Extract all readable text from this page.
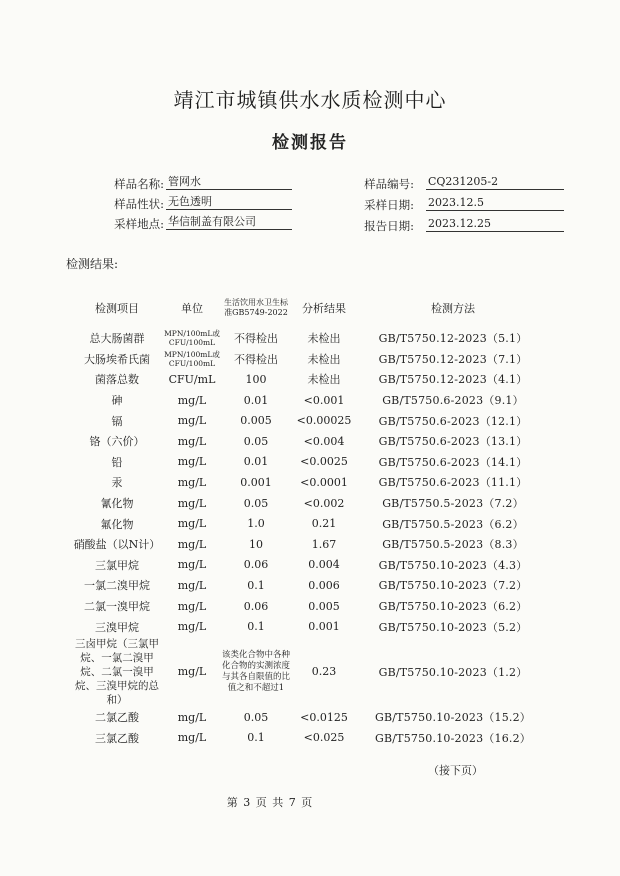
靖江市城镇供水水质检测中心
检测报告
样品名称: 管网水
样品性状: 无色透明
采样地点: 华信制盖有限公司
样品编号: CQ231205-2
采样日期: 2023.12.5
报告日期: 2023.12.25
检测结果:
检测项目	单位	生活饮用水卫生标准GB5749-2022	分析结果	检测方法
总大肠菌群	MPN/100mL或CFU/100mL	不得检出	未检出	GB/T5750.12-2023（5.1）
大肠埃希氏菌	MPN/100mL或CFU/100mL	不得检出	未检出	GB/T5750.12-2023（7.1）
菌落总数	CFU/mL	100	未检出	GB/T5750.12-2023（4.1）
砷	mg/L	0.01	<0.001	GB/T5750.6-2023（9.1）
镉	mg/L	0.005	<0.00025	GB/T5750.6-2023（12.1）
铬（六价）	mg/L	0.05	<0.004	GB/T5750.6-2023（13.1）
铅	mg/L	0.01	<0.0025	GB/T5750.6-2023（14.1）
汞	mg/L	0.001	<0.0001	GB/T5750.6-2023（11.1）
氰化物	mg/L	0.05	<0.002	GB/T5750.5-2023（7.2）
氟化物	mg/L	1.0	0.21	GB/T5750.5-2023（6.2）
硝酸盐（以N计）	mg/L	10	1.67	GB/T5750.5-2023（8.3）
三氯甲烷	mg/L	0.06	0.004	GB/T5750.10-2023（4.3）
一氯二溴甲烷	mg/L	0.1	0.006	GB/T5750.10-2023（7.2）
二氯一溴甲烷	mg/L	0.06	0.005	GB/T5750.10-2023（6.2）
三溴甲烷	mg/L	0.1	0.001	GB/T5750.10-2023（5.2）
三卤甲烷（三氯甲烷、一氯二溴甲烷、二氯一溴甲烷、三溴甲烷的总和）	mg/L	该类化合物中各种化合物的实测浓度与其各自限值的比值之和不超过1	0.23	GB/T5750.10-2023（1.2）
二氯乙酸	mg/L	0.05	<0.0125	GB/T5750.10-2023（15.2）
三氯乙酸	mg/L	0.1	<0.025	GB/T5750.10-2023（16.2）
（接下页）
第 3 页 共 7 页
